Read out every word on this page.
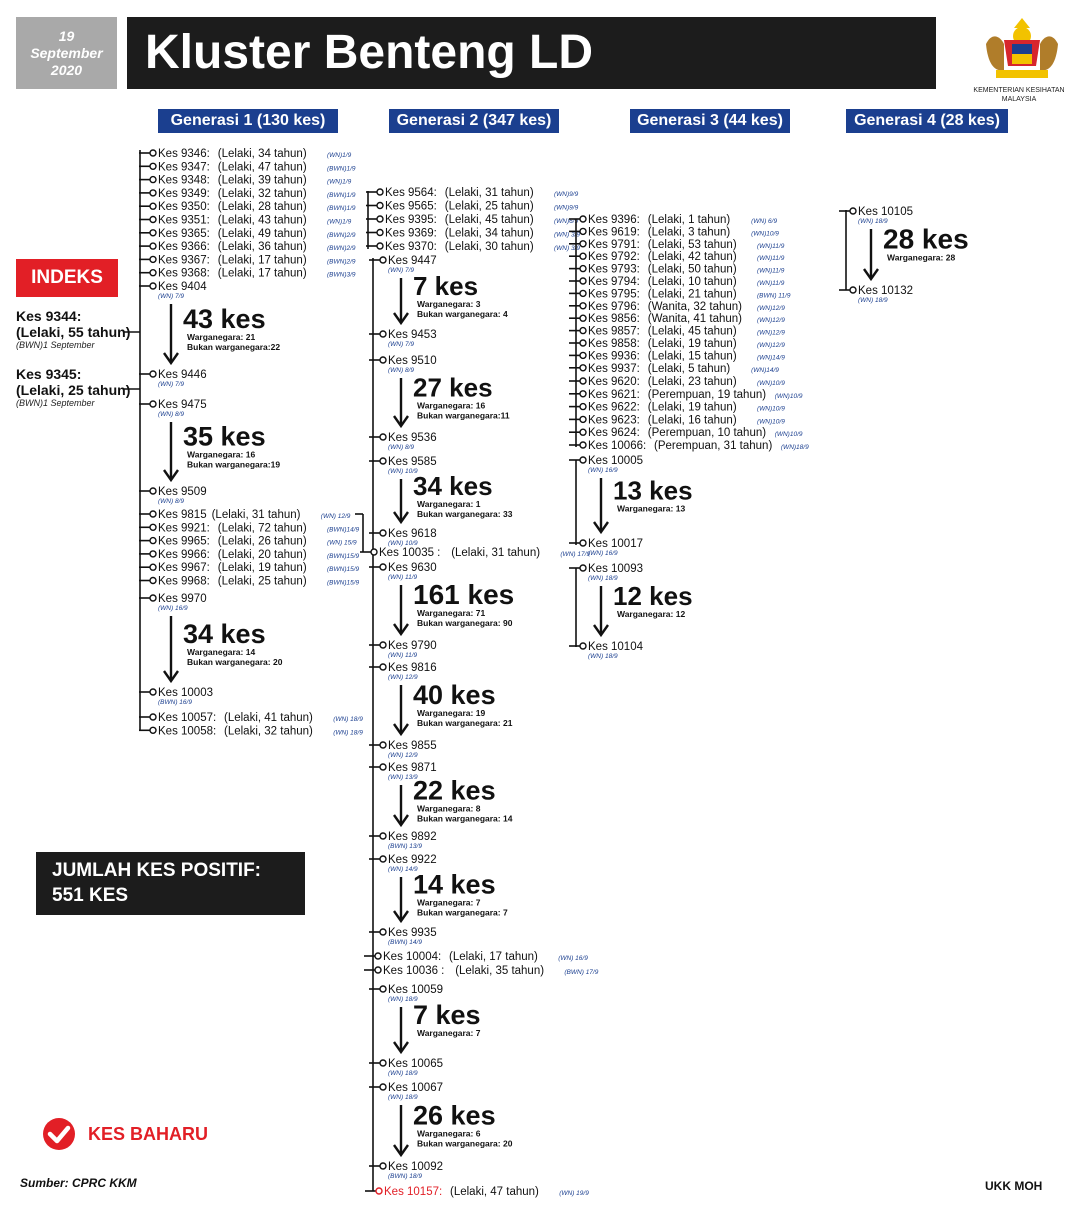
19 September 2020	Kluster Benteng LD
KEMENTERIAN KESIHATAN MALAYSIA
Generasi 1 (130 kes)	Generasi 2 (347 kes)	Generasi 3 (44 kes)	Generasi 4 (28 kes)
INDEKS
Kes 9344:
(Lelaki, 55 tahun)
(BWN)1 September
Kes 9345:
(Lelaki, 25 tahun)
(BWN)1 September
Kes 9346: (Lelaki, 34 tahun)	(WN)1/9
Kes 9347: (Lelaki, 47 tahun)	(BWN)1/9
Kes 9348: (Lelaki, 39 tahun)	(WN)1/9
Kes 9349: (Lelaki, 32 tahun)	(BWN)1/9
Kes 9350: (Lelaki, 28 tahun)	(BWN)1/9
Kes 9351: (Lelaki, 43 tahun)	(WN)1/9
Kes 9365: (Lelaki, 49 tahun)	(BWN)2/9
Kes 9366: (Lelaki, 36 tahun)	(BWN)2/9
Kes 9367: (Lelaki, 17 tahun)	(BWN)2/9
Kes 9368: (Lelaki, 17 tahun)	(BWN)3/9
Kes 9404
(WN) 7/9
Kes 9446
(WN) 7/9
43 kes
Warganegara: 21
Bukan warganegara:22
Kes 9475
(WN) 8/9
Kes 9509
(WN) 8/9
35 kes
Warganegara: 16
Bukan warganegara:19
Kes 9815 (Lelaki, 31 tahun)	(WN) 12/9
Kes 9921: (Lelaki, 72 tahun)	(BWN)14/9
Kes 9965: (Lelaki, 26 tahun)	(WN) 15/9
Kes 9966: (Lelaki, 20 tahun)	(BWN)15/9
Kes 9967: (Lelaki, 19 tahun)	(BWN)15/9
Kes 9968: (Lelaki, 25 tahun)	(BWN)15/9
Kes 9970
(WN) 16/9
Kes 10003
(BWN) 16/9
34 kes
Warganegara: 14
Bukan warganegara: 20
Kes 10057: (Lelaki, 41 tahun)	(WN) 18/9
Kes 10058: (Lelaki, 32 tahun)	(WN) 18/9
Kes 9564: (Lelaki, 31 tahun)	(WN)9/9
Kes 9565: (Lelaki, 25 tahun)	(WN)9/9
Kes 9395: (Lelaki, 45 tahun)	(WN)6/9
Kes 9369: (Lelaki, 34 tahun)	(WN) 3/9
Kes 9370: (Lelaki, 30 tahun)	(WN) 3/9
Kes 9447
(WN) 7/9
Kes 9453
(WN) 7/9
7 kes
Warganegara: 3
Bukan warganegara: 4
Kes 9510
(WN) 8/9
Kes 9536
(WN) 8/9
27 kes
Warganegara: 16
Bukan warganegara:11
Kes 9585
(WN) 10/9
Kes 9618
(WN) 10/9
34 kes
Warganegara: 1
Bukan warganegara: 33
Kes 10035 : (Lelaki, 31 tahun)	(WN) 17/9
Kes 9630
(WN) 11/9
Kes 9790
(WN) 11/9
161 kes
Warganegara: 71
Bukan warganegara: 90
Kes 9816
(WN) 12/9
Kes 9855
(WN) 12/9
40 kes
Warganegara: 19
Bukan warganegara: 21
Kes 9871
(WN) 13/9
Kes 9892
(BWN) 13/9
22 kes
Warganegara: 8
Bukan warganegara: 14
Kes 9922
(WN) 14/9
Kes 9935
(BWN) 14/9
14 kes
Warganegara: 7
Bukan warganegara: 7
Kes 10004: (Lelaki, 17 tahun)	(WN) 16/9
Kes 10036 : (Lelaki, 35 tahun)	(BWN) 17/9
Kes 10059
(WN) 18/9
Kes 10065
(WN) 18/9
7 kes
Warganegara: 7
Kes 10067
(WN) 18/9
Kes 10092
(BWN) 18/9
26 kes
Warganegara: 6
Bukan warganegara: 20
Kes 10157: (Lelaki, 47 tahun)	(WN) 19/9
Kes 9396: (Lelaki, 1 tahun)	(WN) 6/9
Kes 9619: (Lelaki, 3 tahun)	(WN)10/9
Kes 9791: (Lelaki, 53 tahun)	(WN)11/9
Kes 9792: (Lelaki, 42 tahun)	(WN)11/9
Kes 9793: (Lelaki, 50 tahun)	(WN)11/9
Kes 9794: (Lelaki, 10 tahun)	(WN)11/9
Kes 9795: (Lelaki, 21 tahun)	(BWN) 11/9
Kes 9796: (Wanita, 32 tahun) (WN)12/9
Kes 9856: (Wanita, 41 tahun) (WN)12/9
Kes 9857: (Lelaki, 45 tahun)	(WN)12/9
Kes 9858: (Lelaki, 19 tahun)	(WN)12/9
Kes 9936: (Lelaki, 15 tahun)	(WN)14/9
Kes 9937: (Lelaki, 5 tahun)	(WN)14/9
Kes 9620: (Lelaki, 23 tahun)	(WN)10/9
Kes 9621: (Perempuan, 19 tahun) (WN)10/9
Kes 9622: (Lelaki, 19 tahun)	(WN)10/9
Kes 9623: (Lelaki, 16 tahun)	(WN)10/9
Kes 9624: (Perempuan, 10 tahun) (WN)10/9
Kes 10066: (Perempuan, 31 tahun) (WN)18/9
Kes 10005
(WN) 16/9
Kes 10017
(WN) 16/9
13 kes
Warganegara: 13
Kes 10093
(WN) 18/9
Kes 10104
(WN) 18/9
12 kes
Warganegara: 12
Kes 10105
(WN) 18/9
Kes 10132
(WN) 18/9
28 kes
Warganegara: 28
JUMLAH KES POSITIF:
551 KES
KES BAHARU
Sumber: CPRC KKM	UKK MOH
